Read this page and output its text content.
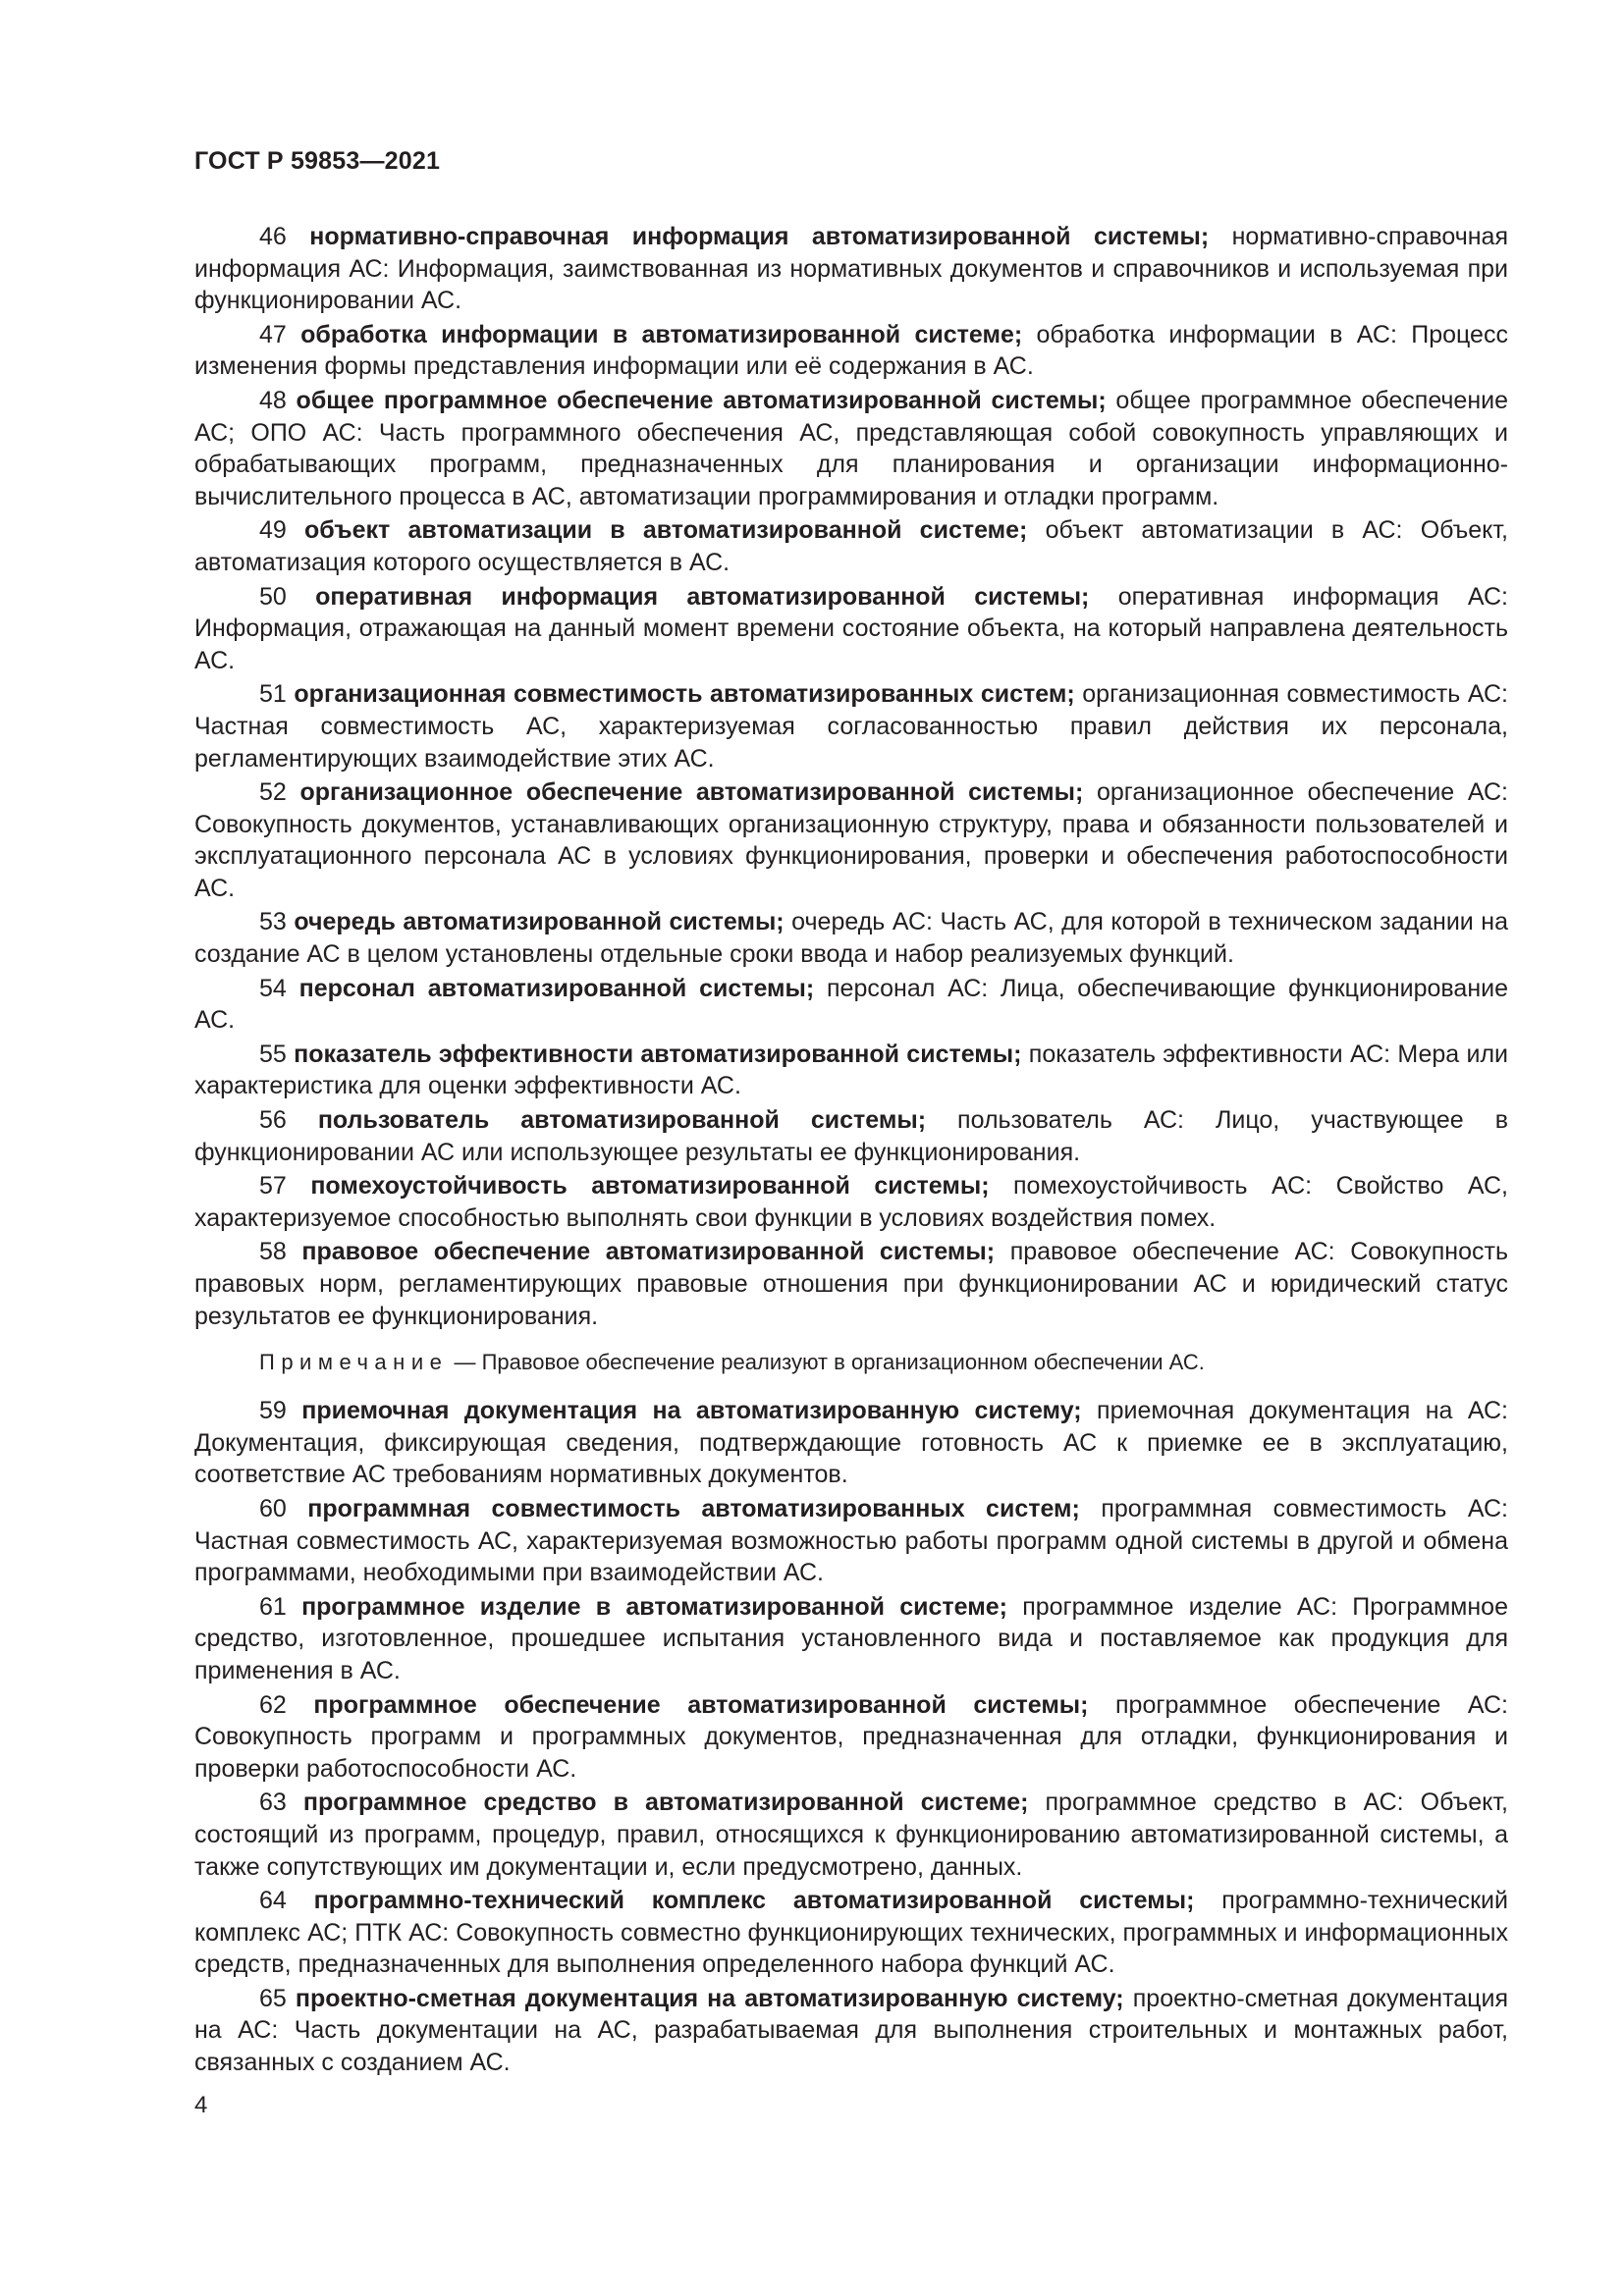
ГОСТ Р 59853—2021

46 нормативно-справочная информация автоматизированной системы; нормативно-справочная информация АС: Информация, заимствованная из нормативных документов и справочников и используемая при функционировании АС.

47 обработка информации в автоматизированной системе; обработка информации в АС: Процесс изменения формы представления информации или её содержания в АС.

48 общее программное обеспечение автоматизированной системы; общее программное обеспечение АС; ОПО АС: Часть программного обеспечения АС, представляющая собой совокупность управляющих и обрабатывающих программ, предназначенных для планирования и организации информационно-вычислительного процесса в АС, автоматизации программирования и отладки программ.

49 объект автоматизации в автоматизированной системе; объект автоматизации в АС: Объект, автоматизация которого осуществляется в АС.

50 оперативная информация автоматизированной системы; оперативная информация АС: Информация, отражающая на данный момент времени состояние объекта, на который направлена деятельность АС.

51 организационная совместимость автоматизированных систем; организационная совместимость АС: Частная совместимость АС, характеризуемая согласованностью правил действия их персонала, регламентирующих взаимодействие этих АС.

52 организационное обеспечение автоматизированной системы; организационное обеспечение АС: Совокупность документов, устанавливающих организационную структуру, права и обязанности пользователей и эксплуатационного персонала АС в условиях функционирования, проверки и обеспечения работоспособности АС.

53 очередь автоматизированной системы; очередь АС: Часть АС, для которой в техническом задании на создание АС в целом установлены отдельные сроки ввода и набор реализуемых функций.

54 персонал автоматизированной системы; персонал АС: Лица, обеспечивающие функционирование АС.

55 показатель эффективности автоматизированной системы; показатель эффективности АС: Мера или характеристика для оценки эффективности АС.

56 пользователь автоматизированной системы; пользователь АС: Лицо, участвующее в функционировании АС или использующее результаты ее функционирования.

57 помехоустойчивость автоматизированной системы; помехоустойчивость АС: Свойство АС, характеризуемое способностью выполнять свои функции в условиях воздействия помех.

58 правовое обеспечение автоматизированной системы; правовое обеспечение АС: Совокупность правовых норм, регламентирующих правовые отношения при функционировании АС и юридический статус результатов ее функционирования.

Примечание — Правовое обеспечение реализуют в организационном обеспечении АС.

59 приемочная документация на автоматизированную систему; приемочная документация на АС: Документация, фиксирующая сведения, подтверждающие готовность АС к приемке ее в эксплуатацию, соответствие АС требованиям нормативных документов.

60 программная совместимость автоматизированных систем; программная совместимость АС: Частная совместимость АС, характеризуемая возможностью работы программ одной системы в другой и обмена программами, необходимыми при взаимодействии АС.

61 программное изделие в автоматизированной системе; программное изделие АС: Программное средство, изготовленное, прошедшее испытания установленного вида и поставляемое как продукция для применения в АС.

62 программное обеспечение автоматизированной системы; программное обеспечение АС: Совокупность программ и программных документов, предназначенная для отладки, функционирования и проверки работоспособности АС.

63 программное средство в автоматизированной системе; программное средство в АС: Объект, состоящий из программ, процедур, правил, относящихся к функционированию автоматизированной системы, а также сопутствующих им документации и, если предусмотрено, данных.

64 программно-технический комплекс автоматизированной системы; программно-технический комплекс АС; ПТК АС: Совокупность совместно функционирующих технических, программных и информационных средств, предназначенных для выполнения определенного набора функций АС.

65 проектно-сметная документация на автоматизированную систему; проектно-сметная документация на АС: Часть документации на АС, разрабатываемая для выполнения строительных и монтажных работ, связанных с созданием АС.

4
